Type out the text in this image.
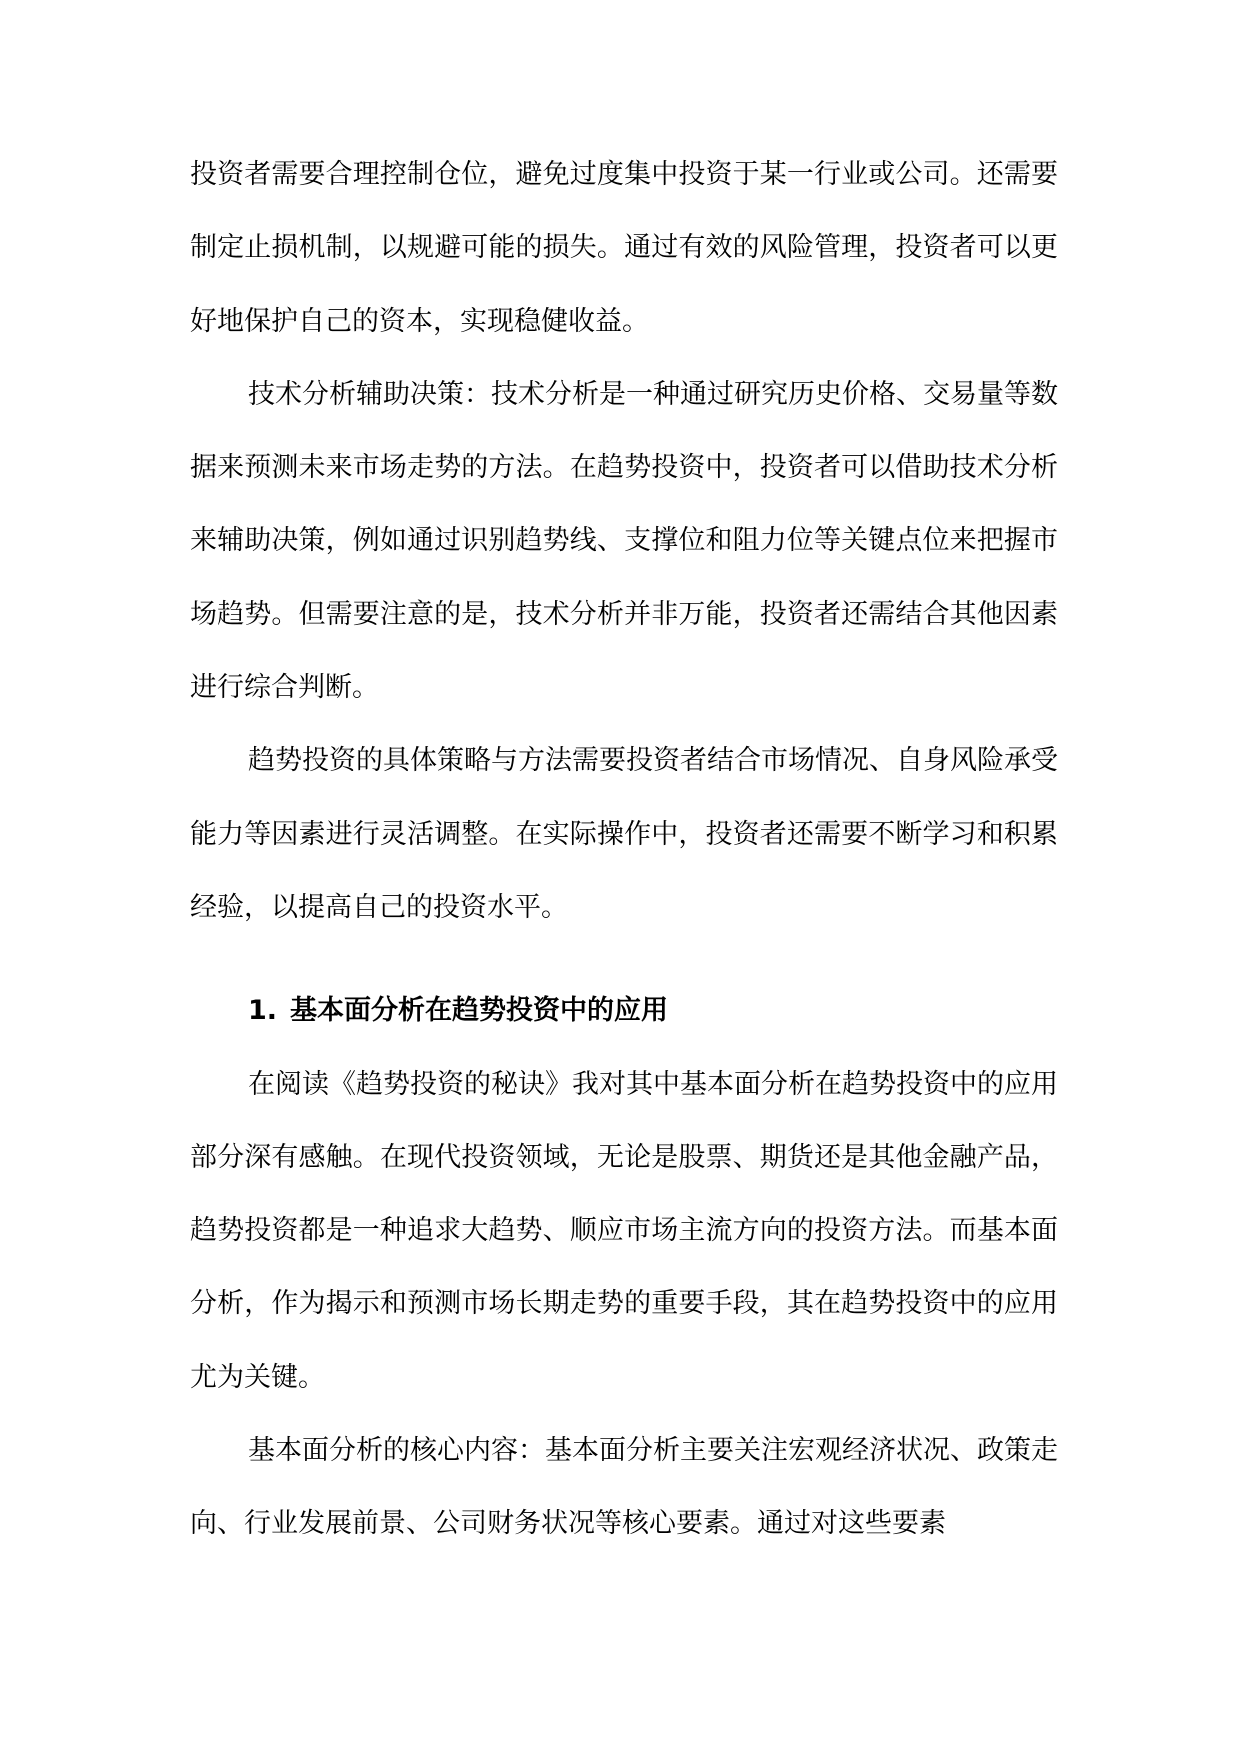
投资者需要合理控制仓位，避免过度集中投资于某一行业或公司。还需要制定止损机制，以规避可能的损失。通过有效的风险管理，投资者可以更好地保护自己的资本，实现稳健收益。

技术分析辅助决策：技术分析是一种通过研究历史价格、交易量等数据来预测未来市场走势的方法。在趋势投资中，投资者可以借助技术分析来辅助决策，例如通过识别趋势线、支撑位和阻力位等关键点位来把握市场趋势。但需要注意的是，技术分析并非万能，投资者还需结合其他因素进行综合判断。

趋势投资的具体策略与方法需要投资者结合市场情况、自身风险承受能力等因素进行灵活调整。在实际操作中，投资者还需要不断学习和积累经验，以提高自己的投资水平。

1. 基本面分析在趋势投资中的应用

在阅读《趋势投资的秘诀》我对其中基本面分析在趋势投资中的应用部分深有感触。在现代投资领域，无论是股票、期货还是其他金融产品，趋势投资都是一种追求大趋势、顺应市场主流方向的投资方法。而基本面分析，作为揭示和预测市场长期走势的重要手段，其在趋势投资中的应用尤为关键。

基本面分析的核心内容：基本面分析主要关注宏观经济状况、政策走向、行业发展前景、公司财务状况等核心要素。通过对这些要素
